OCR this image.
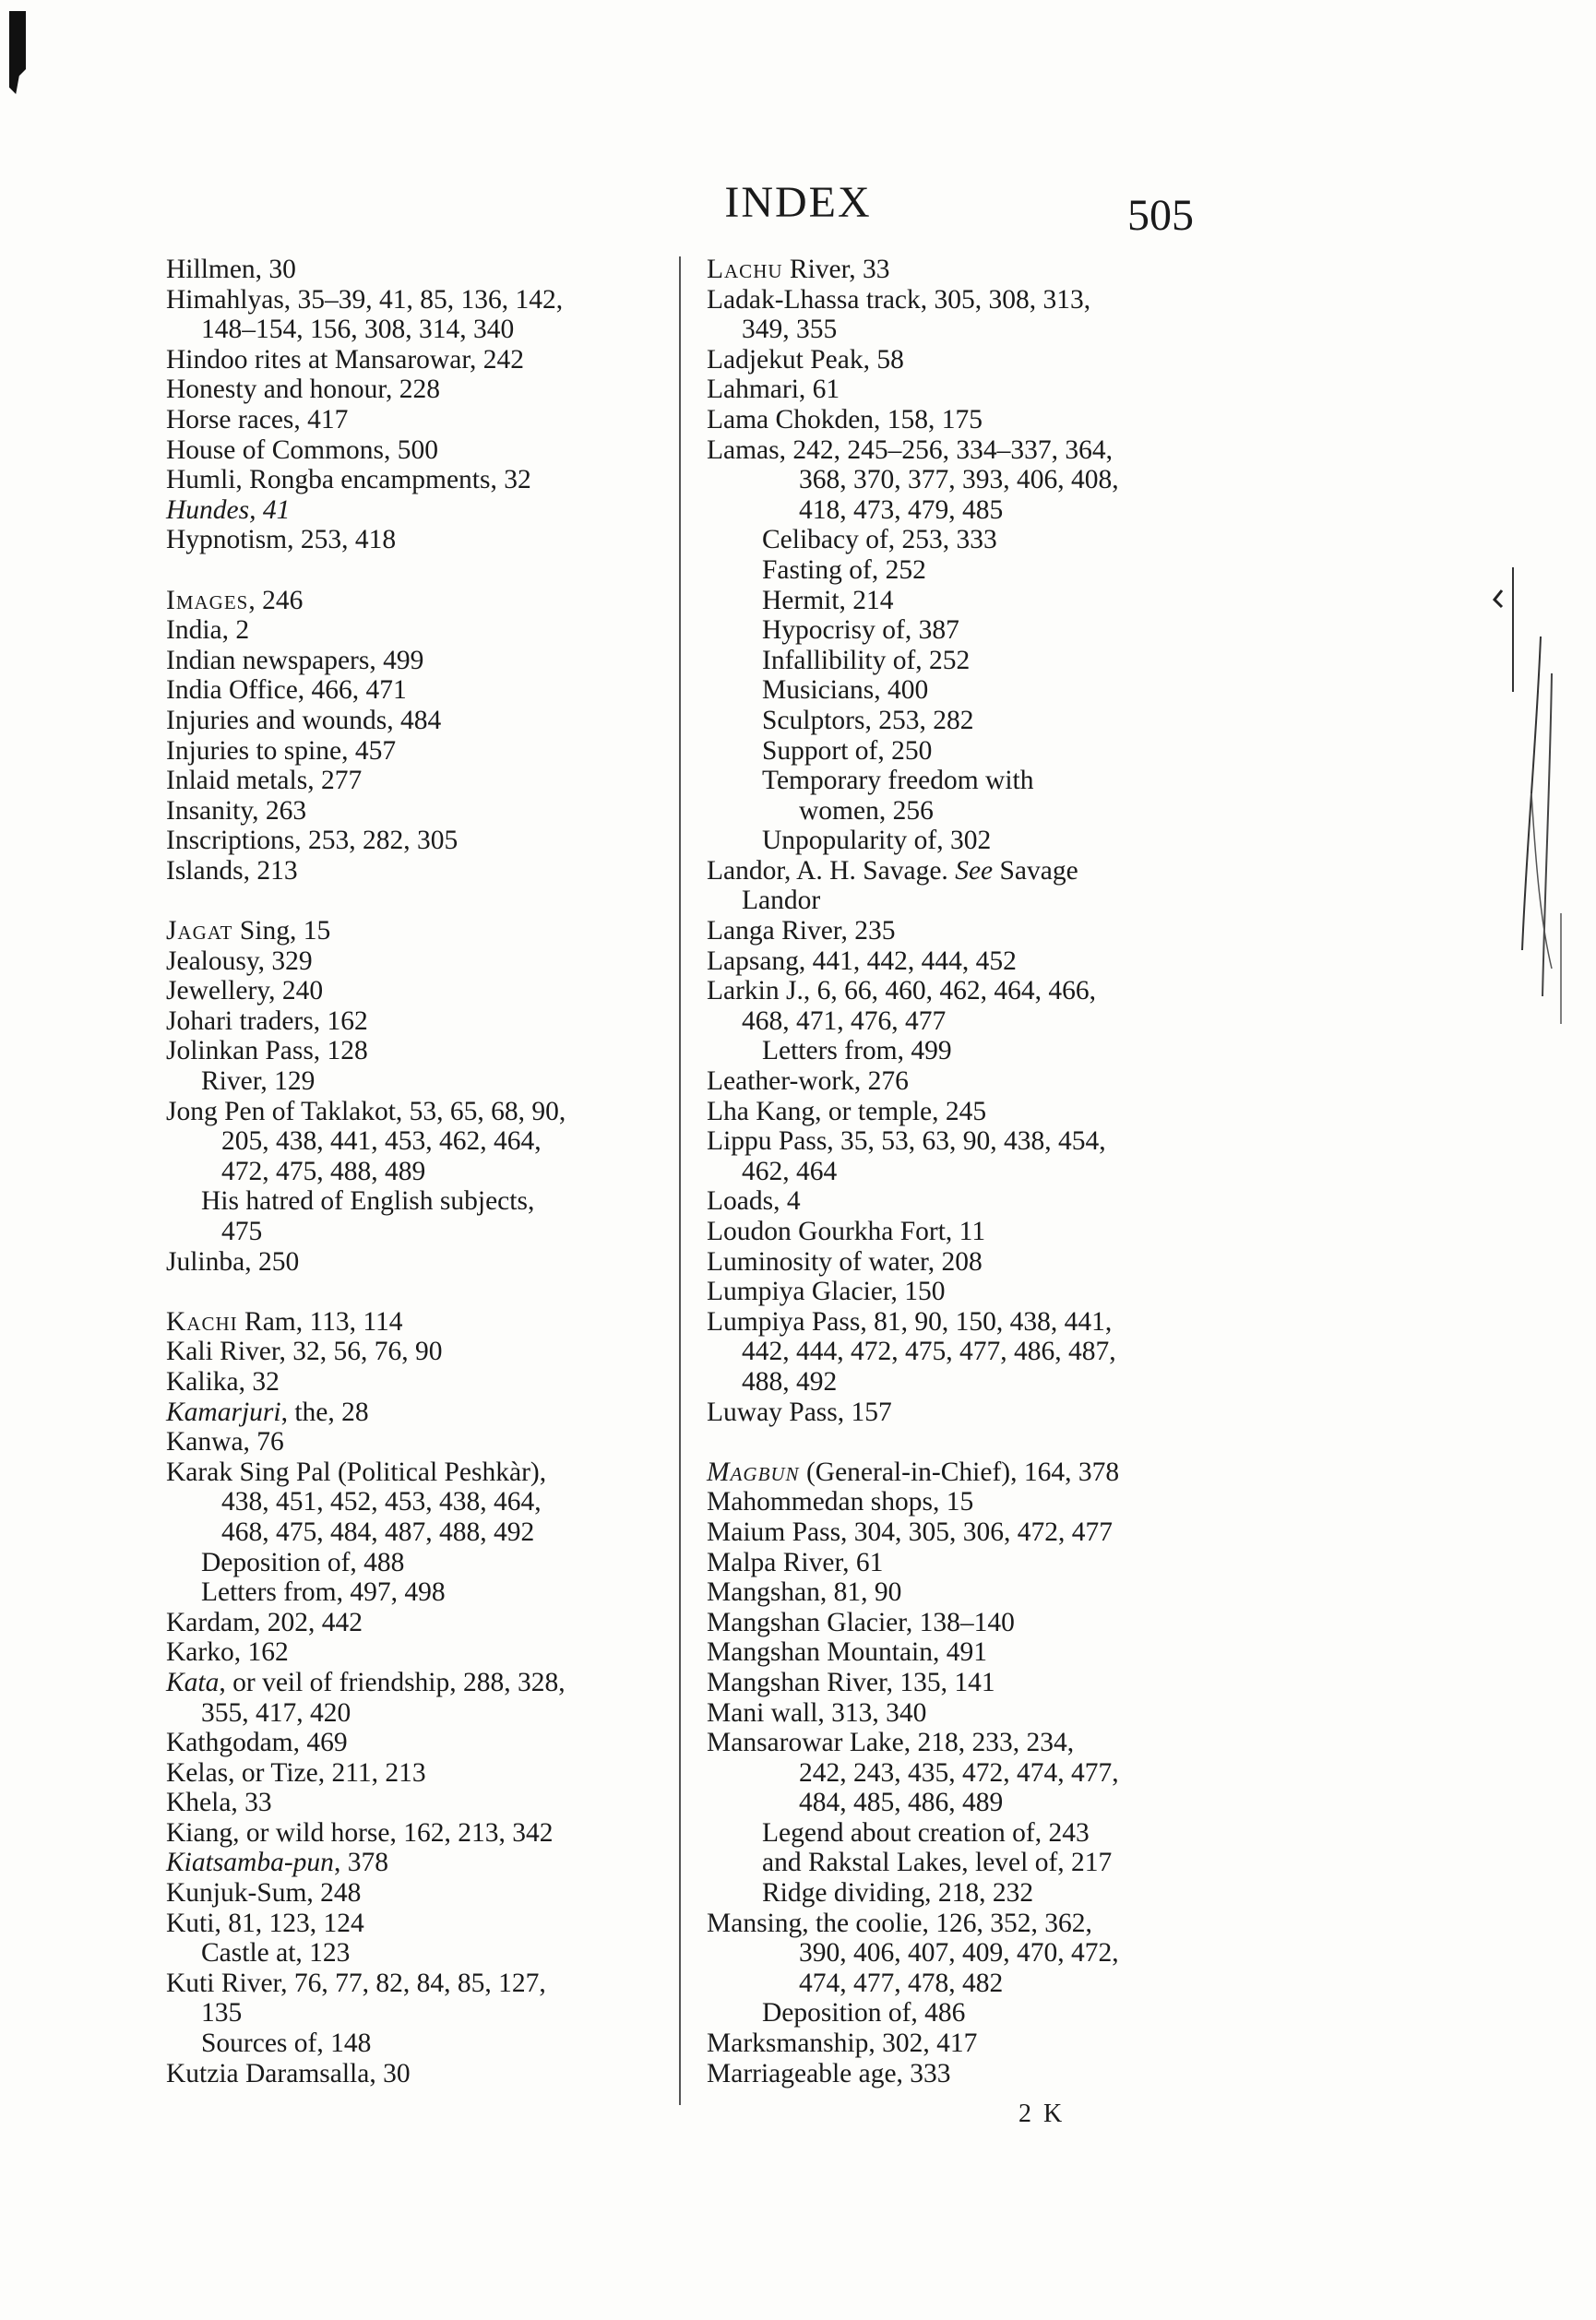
INDEX	505
Hillmen, 30
Himahlyas, 35–39, 41, 85, 136, 142,
148–154, 156, 308, 314, 340
Hindoo rites at Mansarowar, 242
Honesty and honour, 228
Horse races, 417
House of Commons, 500
Humli, Rongba encampments, 32
Hundes, 41
Hypnotism, 253, 418
Images, 246
India, 2
Indian newspapers, 499
India Office, 466, 471
Injuries and wounds, 484
Injuries to spine, 457
Inlaid metals, 277
Insanity, 263
Inscriptions, 253, 282, 305
Islands, 213
Jagat Sing, 15
Jealousy, 329
Jewellery, 240
Johari traders, 162
Jolinkan Pass, 128
River, 129
Jong Pen of Taklakot, 53, 65, 68, 90,
205, 438, 441, 453, 462, 464,
472, 475, 488, 489
His hatred of English subjects,
475
Julinba, 250
Kachi Ram, 113, 114
Kali River, 32, 56, 76, 90
Kalika, 32
Kamarjuri, the, 28
Kanwa, 76
Karak Sing Pal (Political Peshkàr),
438, 451, 452, 453, 438, 464,
468, 475, 484, 487, 488, 492
Deposition of, 488
Letters from, 497, 498
Kardam, 202, 442
Karko, 162
Kata, or veil of friendship, 288, 328,
355, 417, 420
Kathgodam, 469
Kelas, or Tize, 211, 213
Khela, 33
Kiang, or wild horse, 162, 213, 342
Kiatsamba-pun, 378
Kunjuk-Sum, 248
Kuti, 81, 123, 124
Castle at, 123
Kuti River, 76, 77, 82, 84, 85, 127,
135
Sources of, 148
Kutzia Daramsalla, 30
Lachu River, 33
Ladak-Lhassa track, 305, 308, 313,
349, 355
Ladjekut Peak, 58
Lahmari, 61
Lama Chokden, 158, 175
Lamas, 242, 245–256, 334–337, 364,
368, 370, 377, 393, 406, 408,
418, 473, 479, 485
Celibacy of, 253, 333
Fasting of, 252
Hermit, 214
Hypocrisy of, 387
Infallibility of, 252
Musicians, 400
Sculptors, 253, 282
Support of, 250
Temporary freedom with
women, 256
Unpopularity of, 302
Landor, A. H. Savage. See Savage
Landor
Langa River, 235
Lapsang, 441, 442, 444, 452
Larkin J., 6, 66, 460, 462, 464, 466,
468, 471, 476, 477
Letters from, 499
Leather-work, 276
Lha Kang, or temple, 245
Lippu Pass, 35, 53, 63, 90, 438, 454,
462, 464
Loads, 4
Loudon Gourkha Fort, 11
Luminosity of water, 208
Lumpiya Glacier, 150
Lumpiya Pass, 81, 90, 150, 438, 441,
442, 444, 472, 475, 477, 486, 487,
488, 492
Luway Pass, 157
Magbun (General-in-Chief), 164, 378
Mahommedan shops, 15
Maium Pass, 304, 305, 306, 472, 477
Malpa River, 61
Mangshan, 81, 90
Mangshan Glacier, 138–140
Mangshan Mountain, 491
Mangshan River, 135, 141
Mani wall, 313, 340
Mansarowar Lake, 218, 233, 234,
242, 243, 435, 472, 474, 477,
484, 485, 486, 489
Legend about creation of, 243
and Rakstal Lakes, level of, 217
Ridge dividing, 218, 232
Mansing, the coolie, 126, 352, 362,
390, 406, 407, 409, 470, 472,
474, 477, 478, 482
Deposition of, 486
Marksmanship, 302, 417
Marriageable age, 333
2 K
